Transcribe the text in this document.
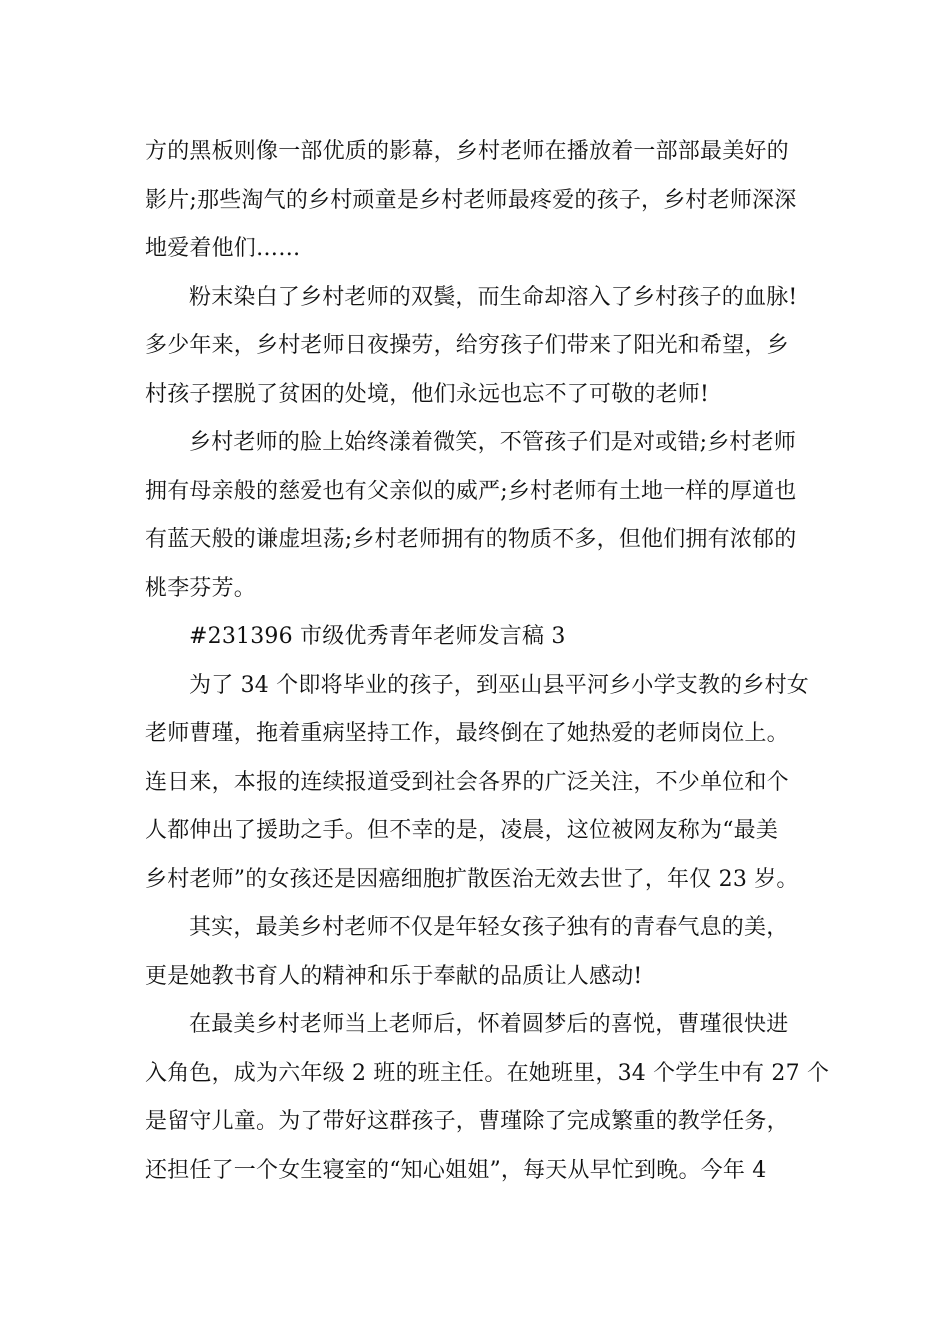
方的黑板则像一部优质的影幕，乡村老师在播放着一部部最美好的
影片;那些淘气的乡村顽童是乡村老师最疼爱的孩子，乡村老师深深
地爱着他们……
粉末染白了乡村老师的双鬓，而生命却溶入了乡村孩子的血脉!
多少年来，乡村老师日夜操劳，给穷孩子们带来了阳光和希望，乡
村孩子摆脱了贫困的处境，他们永远也忘不了可敬的老师!
乡村老师的脸上始终漾着微笑，不管孩子们是对或错;乡村老师
拥有母亲般的慈爱也有父亲似的威严;乡村老师有土地一样的厚道也
有蓝天般的谦虚坦荡;乡村老师拥有的物质不多，但他们拥有浓郁的
桃李芬芳。
#231396 市级优秀青年老师发言稿 3
为了 34 个即将毕业的孩子，到巫山县平河乡小学支教的乡村女
老师曹瑾，拖着重病坚持工作，最终倒在了她热爱的老师岗位上。
连日来，本报的连续报道受到社会各界的广泛关注，不少单位和个
人都伸出了援助之手。但不幸的是，凌晨，这位被网友称为“最美
乡村老师”的女孩还是因癌细胞扩散医治无效去世了，年仅 23 岁。
其实，最美乡村老师不仅是年轻女孩子独有的青春气息的美，
更是她教书育人的精神和乐于奉献的品质让人感动!
在最美乡村老师当上老师后，怀着圆梦后的喜悦，曹瑾很快进
入角色，成为六年级 2 班的班主任。在她班里，34 个学生中有 27 个
是留守儿童。为了带好这群孩子，曹瑾除了完成繁重的教学任务，
还担任了一个女生寝室的“知心姐姐”，每天从早忙到晚。今年 4
